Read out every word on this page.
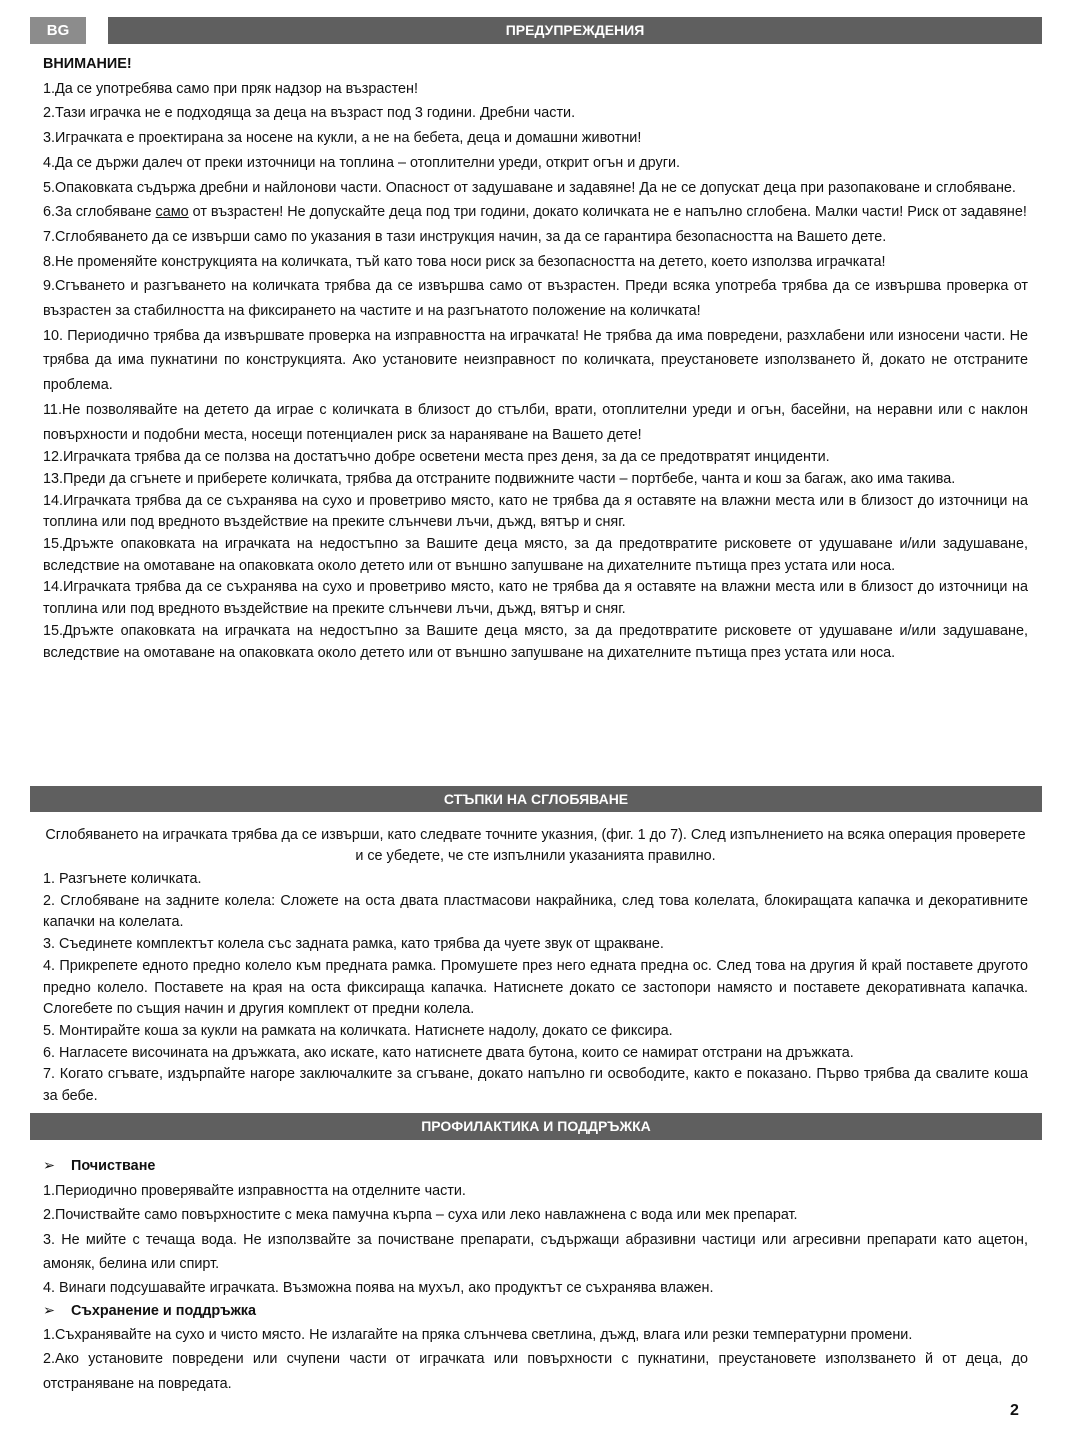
BG	ПРЕДУПРЕЖДЕНИЯ

ВНИМАНИЕ!

1.Да се употребява само при пряк надзор на възрастен!

2.Тази играчка не е подходяща за деца на възраст под 3 години. Дребни части.

3.Играчката е проектирана за носене на кукли, а не на бебета, деца и домашни животни!

4.Да се държи далеч от преки източници на топлина – отоплителни уреди, открит огън и други.

5.Опаковката съдържа дребни и найлонови части. Опасност от задушаване и задавяне! Да не се допускат деца при разопаковане и сглобяване.

6.За сглобяване само от възрастен! Не допускайте деца под три години, докато количката не е напълно сглобена. Малки части! Риск от задавяне!

7.Сглобяването да се извърши само по указания в тази инструкция начин, за да се гарантира безопасността на Вашето дете.

8.Не променяйте конструкцията на количката, тъй като това носи риск за безопасността на детето, което използва играчката!

9.Сгъването и разгъването на количката трябва да се извършва само от възрастен. Преди всяка употреба трябва да се извършва проверка от възрастен за стабилността на фиксирането на частите и на разгънатото положение на количката!

10. Периодично трябва да извършвате проверка на изправността на играчката! Не трябва да има повредени, разхлабени или износени части. Не трябва да има пукнатини по конструкцията. Ако установите неизправност по количката, преустановете използването й, докато не отстраните проблема.

11.Не позволявайте на детето да играе с количката в близост до стълби, врати, отоплителни уреди и огън, басейни, на неравни или с наклон повърхности и подобни места, носещи потенциален риск за нараняване на Вашето дете!

12.Играчката трябва да се ползва на достатъчно добре осветени места през деня, за да се предотвратят инциденти.

13.Преди да сгънете и приберете количката, трябва да отстраните подвижните части – портбебе, чанта и кош за багаж, ако има такива.

14.Играчката трябва да се съхранява на сухо и проветриво място, като не трябва да я оставяте на влажни места или в близост до източници на топлина или под вредното въздействие на преките слънчеви лъчи, дъжд, вятър и сняг.

15.Дръжте опаковката на играчката на недостъпно за Вашите деца място, за да предотвратите рисковете от удушаване и/или задушаване, вследствие на омотаване на опаковката около детето или от външно запушване на дихателните пътища през устата или носа.

14.Играчката трябва да се съхранява на сухо и проветриво място, като не трябва да я оставяте на влажни места или в близост до източници на топлина или под вредното въздействие на преките слънчеви лъчи, дъжд, вятър и сняг.

15.Дръжте опаковката на играчката на недостъпно за Вашите деца място, за да предотвратите рисковете от удушаване и/или задушаване, вследствие на омотаване на опаковката около детето или от външно запушване на дихателните пътища през устата или носа.

СТЪПКИ НА СГЛОБЯВАНЕ

Сглобяването на играчката трябва да се извърши, като следвате точните указния, (фиг. 1 до 7). След изпълнението на всяка операция проверете и се убедете, че сте изпълнили указанията правилно.

1. Разгънете количката.

2. Сглобяване на задните колела: Сложете на оста двата пластмасови накрайника, след това колелата, блокиращата капачка и декоративните капачки на колелата.

3. Съединете комплектът колела със задната рамка, като трябва да чуете звук от щракване.

4. Прикрепете едното предно колело към предната рамка. Промушете през него едната предна ос. След това на другия й край поставете другото предно колело. Поставете на края на оста фиксираща капачка. Натиснете докато се застопори намясто и поставете декоративната капачка. Слогебете по същия начин и другия комплект от предни колела.

5. Монтирайте коша за кукли на рамката на количката. Натиснете надолу, докато се фиксира.

6. Нагласете височината на дръжката, ако искате, като натиснете двата бутона, които се намират отстрани на дръжката.

7. Когато сгъвате, издърпайте нагоре заключалките за сгъване, докато напълно ги освободите, както е показано. Първо трябва да свалите коша за бебе.

ПРОФИЛАКТИКА И ПОДДРЪЖКА

➢ Почистване

1.Периодично проверявайте изправността на отделните части.

2.Почиствайте само повърхностите с мека памучна кърпа – суха или леко навлажнена с вода или мек препарат.

3. Не мийте с течаща вода. Не използвайте за почистване препарати, съдържащи абразивни частици или агресивни препарати като ацетон, амоняк, белина или спирт.

4. Винаги подсушавайте играчката. Възможна поява на мухъл, ако продуктът се съхранява влажен.

➢ Съхранение и поддръжка

1.Съхранявайте на сухо и чисто място. Не излагайте на пряка слънчева светлина, дъжд, влага или резки температурни промени.

2.Ако установите повредени или счупени части от играчката или повърхности с пукнатини, преустановете използването й от деца, до отстраняване на повредата.

2
